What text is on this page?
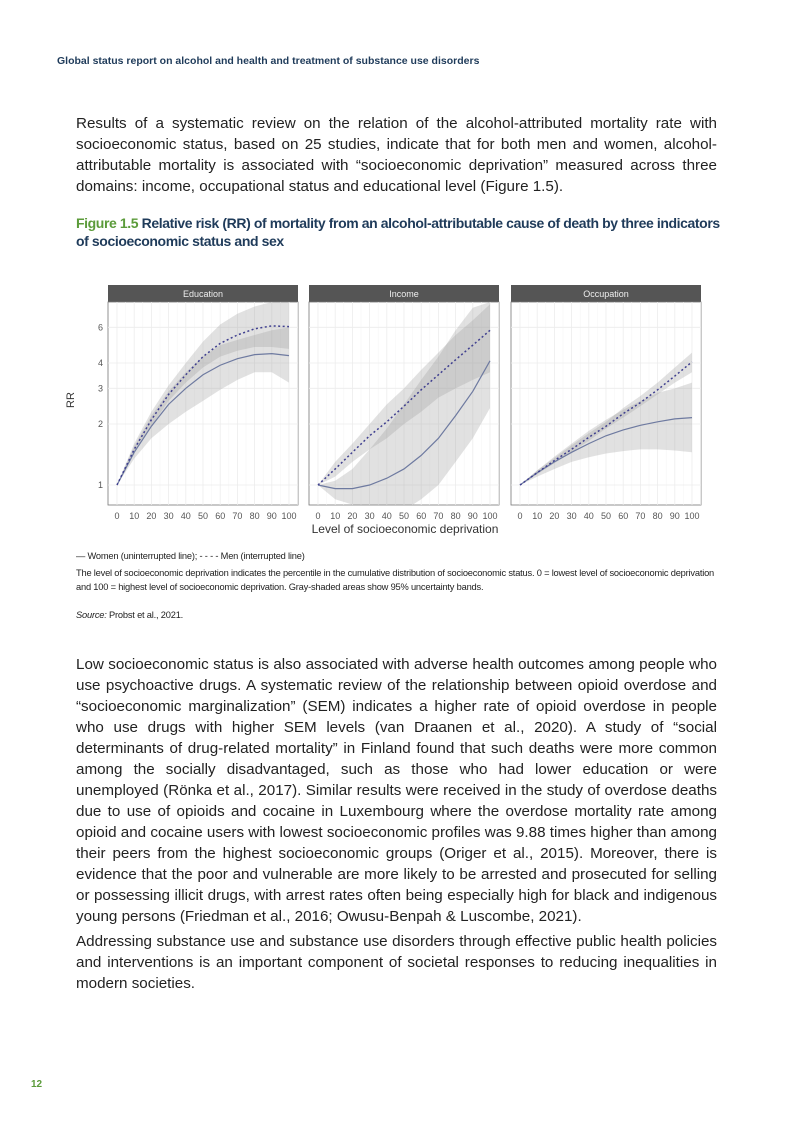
Global status report on alcohol and health and treatment of substance use disorders

Results of a systematic review on the relation of the alcohol-attributed mortality rate with socioeconomic status, based on 25 studies, indicate that for both men and women, alcohol-attributable mortality is associated with “socioeconomic deprivation” measured across three domains: income, occupational status and educational level (Figure 1.5).

Figure 1.5 Relative risk (RR) of mortality from an alcohol-attributable cause of death by three indicators of socioeconomic status and sex
Education
0 10 20 30 40 50 60 70 80 90 100
1
2
3
4
6
Income
0 10 20 30 40 50 60 70 80 90 100
Occupation
0 10 20 30 40 50 60 70 80 90 100
RR
Level of socioeconomic deprivation
— Women (uninterrupted line); - - - - Men (interrupted line)
The level of socioeconomic deprivation indicates the percentile in the cumulative distribution of socioeconomic status. 0 = lowest level of socioeconomic deprivation and 100 = highest level of socioeconomic deprivation. Gray-shaded areas show 95% uncertainty bands.
Source: Probst et al., 2021.

Low socioeconomic status is also associated with adverse health outcomes among people who use psychoactive drugs. A systematic review of the relationship between opioid overdose and “socioeconomic marginalization” (SEM) indicates a higher rate of opioid overdose in people who use drugs with higher SEM levels (van Draanen et al., 2020). A study of “social determinants of drug-related mortality” in Finland found that such deaths were more common among the socially disadvantaged, such as those who had lower education or were unemployed (Rönka et al., 2017). Similar results were received in the study of overdose deaths due to use of opioids and cocaine in Luxembourg where the overdose mortality rate among opioid and cocaine users with lowest socioeconomic profiles was 9.88 times higher than among their peers from the highest socioeconomic groups (Origer et al., 2015). Moreover, there is evidence that the poor and vulnerable are more likely to be arrested and prosecuted for selling or possessing illicit drugs, with arrest rates often being especially high for black and indigenous young persons (Friedman et al., 2016; Owusu-Benpah & Luscombe, 2021).

Addressing substance use and substance use disorders through effective public health policies and interventions is an important component of societal responses to reducing inequalities in modern societies.

12
